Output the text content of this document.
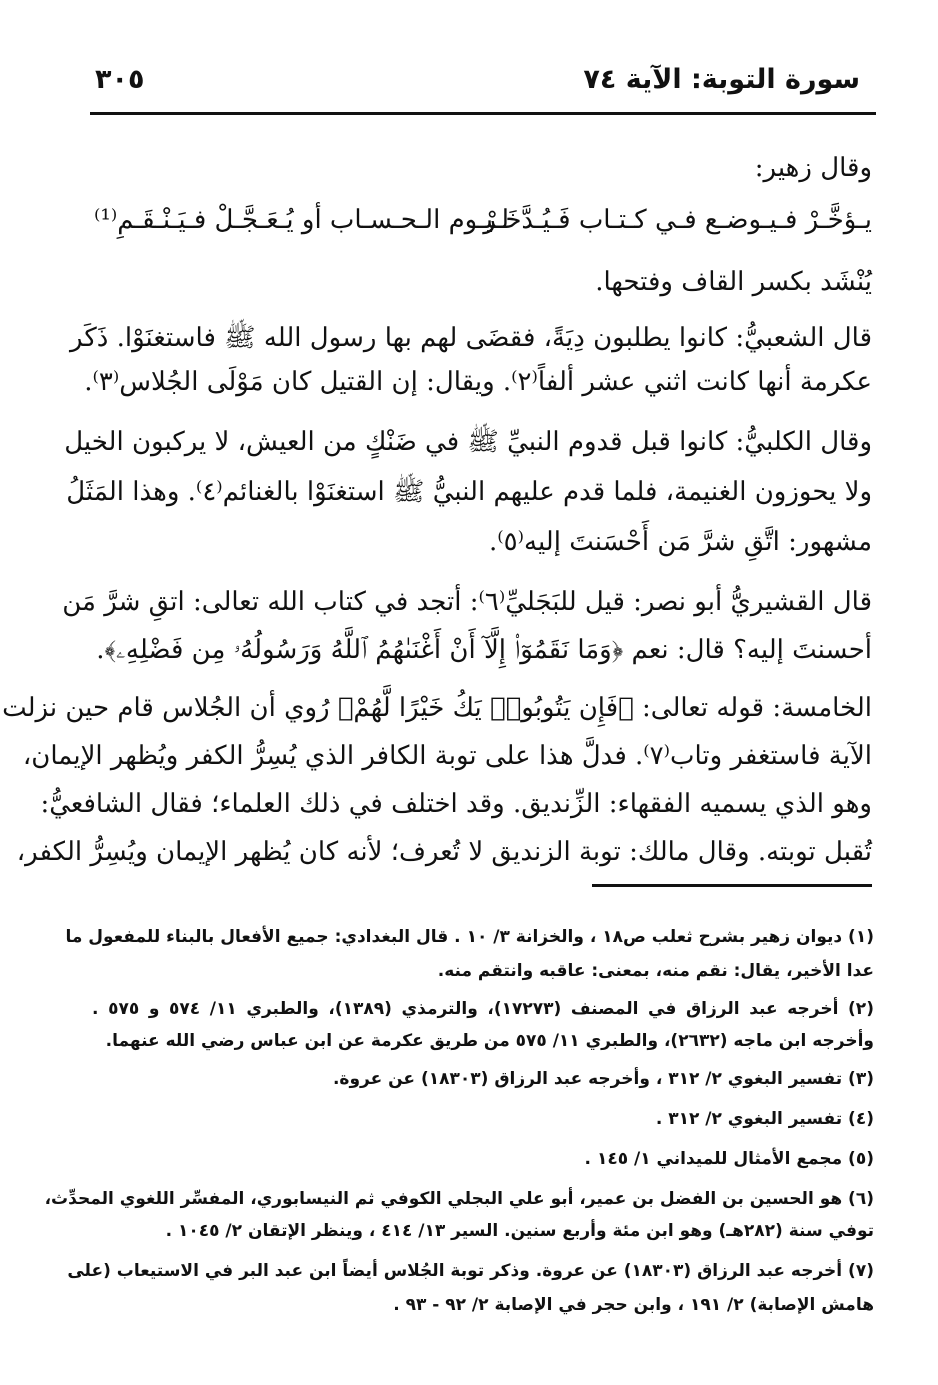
سورة التوبة: الآية ٧٤
٣٠٥
وقال زهير:
يـؤخَّـرْ فـيـوضـع فـي كـتـاب فَـيُـدَّخَـرْ
لـيـوم الـحـسـاب أو يُـعَـجَّـلْ فـيَـنْـقَـمِ⁽¹⁾
يُنْشَد بكسر القاف وفتحها.
قال الشعبيُّ: كانوا يطلبون دِيَةً، فقضَى لهم بها رسول الله ﷺ فاستغنَوْا. ذَكَر
عكرمة أنها كانت اثني عشر ألفاً⁽٢⁾. ويقال: إن القتيل كان مَوْلَى الجُلاس⁽٣⁾.
وقال الكلبيُّ: كانوا قبل قدوم النبيِّ ﷺ في ضَنْكٍ من العيش، لا يركبون الخيل
ولا يحوزون الغنيمة، فلما قدم عليهم النبيُّ ﷺ استغنَوْا بالغنائم⁽٤⁾. وهذا المَثَلُ
مشهور: اتَّقِ شرَّ مَن أَحْسَنتَ إليه⁽٥⁾.
قال القشيريُّ أبو نصر: قيل للبَجَليِّ⁽٦⁾: أتجد في كتاب الله تعالى: اتقِ شرَّ مَن
أحسنتَ إليه؟ قال: نعم ﴿وَمَا نَقَمُوٓا۟ إِلَّآ أَنْ أَغْنَىٰهُمُ ٱللَّهُ وَرَسُولُهُۥ مِن فَضْلِهِۦ﴾.
الخامسة: قوله تعالى: ﴿فَإِن يَتُوبُوا۟ يَكُ خَيْرًا لَّهُمْ﴾ رُوي أن الجُلاس قام حين نزلت
الآية فاستغفر وتاب⁽٧⁾. فدلَّ هذا على توبة الكافر الذي يُسِرُّ الكفر ويُظهر الإيمان،
وهو الذي يسميه الفقهاء: الزِّنديق. وقد اختلف في ذلك العلماء؛ فقال الشافعيُّ:
تُقبل توبته. وقال مالك: توبة الزنديق لا تُعرف؛ لأنه كان يُظهر الإيمان ويُسِرُّ الكفر،
(١) ديوان زهير بشرح ثعلب ص١٨ ، والخزانة ٣/ ١٠ . قال البغدادي: جميع الأفعال بالبناء للمفعول ما
عدا الأخير، يقال: نقم منه، بمعنى: عاقبه وانتقم منه.
(٢) أخرجه عبد الرزاق في المصنف (١٧٢٧٣)، والترمذي (١٣٨٩)، والطبري ١١/ ٥٧٤ و ٥٧٥ .
وأخرجه ابن ماجه (٢٦٣٢)، والطبري ١١/ ٥٧٥ من طريق عكرمة عن ابن عباس رضي الله عنهما.
(٣) تفسير البغوي ٢/ ٣١٢ ، وأخرجه عبد الرزاق (١٨٣٠٣) عن عروة.
(٤) تفسير البغوي ٢/ ٣١٢ .
(٥) مجمع الأمثال للميداني ١/ ١٤٥ .
(٦) هو الحسين بن الفضل بن عمير، أبو علي البجلي الكوفي ثم النيسابوري، المفسِّر اللغوي المحدِّث،
توفي سنة (٢٨٢هـ) وهو ابن مئة وأربع سنين. السير ١٣/ ٤١٤ ، وينظر الإتقان ٢/ ١٠٤٥ .
(٧) أخرجه عبد الرزاق (١٨٣٠٣) عن عروة. وذكر توبة الجُلاس أيضاً ابن عبد البر في الاستيعاب (على
هامش الإصابة) ٢/ ١٩١ ، وابن حجر في الإصابة ٢/ ٩٢ - ٩٣ .
